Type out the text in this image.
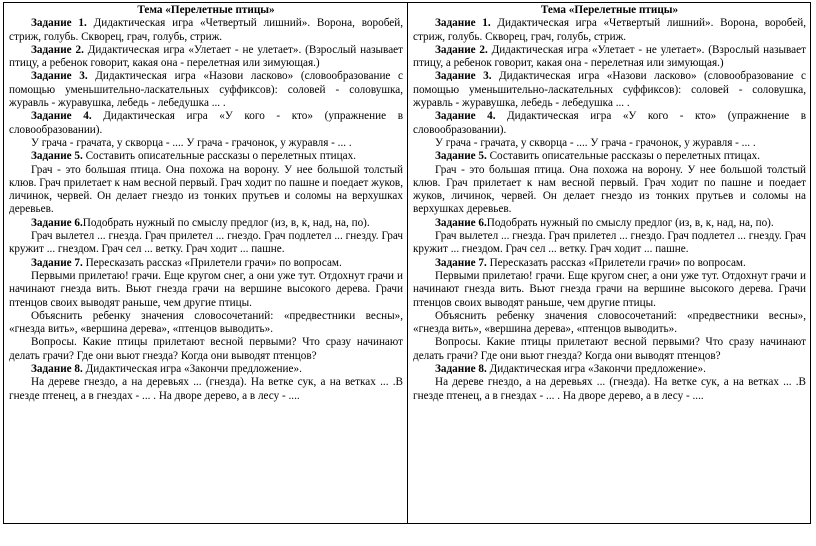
Тема «Перелетные птицы»

Задание 1. Дидактическая игра «Четвертый лишний». Ворона, воробей, стриж, голубь. Скворец, грач, голубь, стриж.

Задание 2. Дидактическая игра «Улетает - не улетает». (Взрослый называет птицу, а ребенок говорит, какая она - перелетная или зимующая.)

Задание 3. Дидактическая игра «Назови ласково» (словообразование с помощью уменьшительно-ласкательных суффиксов): соловей - соловушка, журавль - журавушка, лебедь - лебедушка ... .

Задание 4. Дидактическая игра «У кого - кто» (упражнение в словообразовании).

У грача - грачата, у скворца - .... У грача - грачонок, у журавля - ... .

Задание 5. Составить описательные рассказы о перелетных птицах.

Грач - это большая птица. Она похожа на ворону. У нее большой толстый клюв. Грач прилетает к нам весной первый. Грач ходит по пашне и поедает жуков, личинок, червей. Он делает гнездо из тонких прутьев и соломы на верхушках деревьев.

Задание 6.Подобрать нужный по смыслу предлог (из, в, к, над, на, по).

Грач вылетел ... гнезда. Грач прилетел ... гнездо. Грач подлетел ... гнезду. Грач кружит ... гнездом. Грач сел ... ветку. Грач ходит ... пашне.

Задание 7. Пересказать рассказ «Прилетели грачи» по вопросам.

Первыми прилетаю! грачи. Еще кругом снег, а они уже тут. Отдохнут грачи и начинают гнезда вить. Вьют гнезда грачи на вершине высокого дерева. Грачи птенцов своих выводят раньше, чем другие птицы.

Объяснить ребенку значения словосочетаний: «предвестники весны», «гнезда вить», «вершина дерева», «птенцов выводить».

Вопросы. Какие птицы прилетают весной первыми? Что сразу начинают делать грачи? Где они вьют гнезда? Когда они выводят птенцов?

Задание 8. Дидактическая игра «Закончи предложение».

На дереве гнездо, а на деревьях ... (гнезда). На ветке сук, а на ветках ... .В гнезде птенец, а в гнездах - ... . На дворе дерево, а в лесу - ....

Тема «Перелетные птицы»

Задание 1. Дидактическая игра «Четвертый лишний». Ворона, воробей, стриж, голубь. Скворец, грач, голубь, стриж.

Задание 2. Дидактическая игра «Улетает - не улетает». (Взрослый называет птицу, а ребенок говорит, какая она - перелетная или зимующая.)

Задание 3. Дидактическая игра «Назови ласково» (словообразование с помощью уменьшительно-ласкательных суффиксов): соловей - соловушка, журавль - журавушка, лебедь - лебедушка ... .

Задание 4. Дидактическая игра «У кого - кто» (упражнение в словообразовании).

У грача - грачата, у скворца - .... У грача - грачонок, у журавля - ... .

Задание 5. Составить описательные рассказы о перелетных птицах.

Грач - это большая птица. Она похожа на ворону. У нее большой толстый клюв. Грач прилетает к нам весной первый. Грач ходит по пашне и поедает жуков, личинок, червей. Он делает гнездо из тонких прутьев и соломы на верхушках деревьев.

Задание 6.Подобрать нужный по смыслу предлог (из, в, к, над, на, по).

Грач вылетел ... гнезда. Грач прилетел ... гнездо. Грач подлетел ... гнезду. Грач кружит ... гнездом. Грач сел ... ветку. Грач ходит ... пашне.

Задание 7. Пересказать рассказ «Прилетели грачи» по вопросам.

Первыми прилетаю! грачи. Еще кругом снег, а они уже тут. Отдохнут грачи и начинают гнезда вить. Вьют гнезда грачи на вершине высокого дерева. Грачи птенцов своих выводят раньше, чем другие птицы.

Объяснить ребенку значения словосочетаний: «предвестники весны», «гнезда вить», «вершина дерева», «птенцов выводить».

Вопросы. Какие птицы прилетают весной первыми? Что сразу начинают делать грачи? Где они вьют гнезда? Когда они выводят птенцов?

Задание 8. Дидактическая игра «Закончи предложение».

На дереве гнездо, а на деревьях ... (гнезда). На ветке сук, а на ветках ... .В гнезде птенец, а в гнездах - ... . На дворе дерево, а в лесу - ....
